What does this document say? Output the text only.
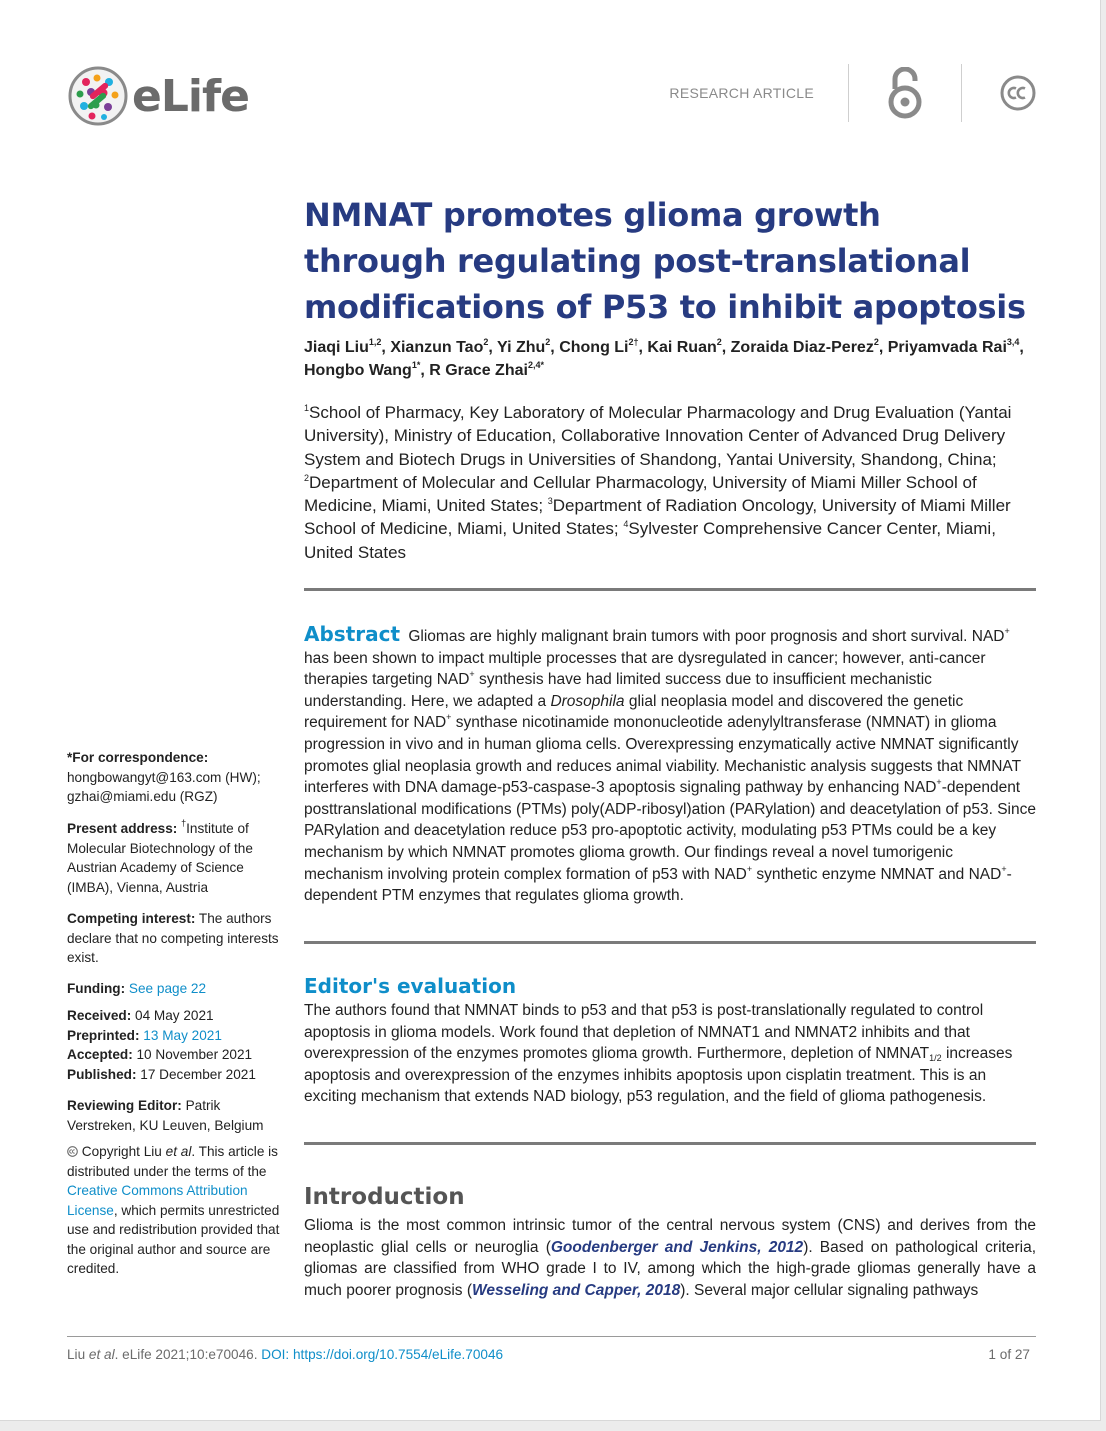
eLife	RESEARCH ARTICLE
NMNAT promotes glioma growth
through regulating post-translational
modifications of P53 to inhibit apoptosis
Jiaqi Liu$^{1,2}$, Xianzun Tao$^2$, Yi Zhu$^2$, Chong $Li^{2\dagger}$, Kai Ruan$^2$, Zoraida Diaz-Perez$^2$, Priyamvada Rai$^{3,4}$, Hongbo Wang$^{1*}$, R Grace Zhai$^{2,4*}$
$^1$School of Pharmacy, Key Laboratory of Molecular Pharmacology and Drug Evaluation (Yantai University), Ministry of Education, Collaborative Innovation Center of Advanced Drug Delivery System and Biotech Drugs in Universities of Shandong, Yantai University, Shandong, China; $^2$Department of Molecular and Cellular Pharmacology, University of Miami Miller School of Medicine, Miami, United States; $^3$Department of Radiation Oncology, University of Miami Miller School of Medicine, Miami, United States; $^4$Sylvester Comprehensive Cancer Center, Miami, United States
Abstract Gliomas are highly malignant brain tumors with poor prognosis and short survival. NAD+ has been shown to impact multiple processes that are dysregulated in cancer; however, anti-cancer therapies targeting NAD+ synthesis have had limited success due to insufficient mechanistic understanding. Here, we adapted a Drosophila glial neoplasia model and discovered the genetic requirement for NAD+ synthase nicotinamide mononucleotide adenylyltransferase (NMNAT) in glioma progression in vivo and in human glioma cells. Overexpressing enzymatically active NMNAT significantly promotes glial neoplasia growth and reduces animal viability. Mechanistic analysis suggests that NMNAT interferes with DNA damage-p53-caspase-3 apoptosis signaling pathway by enhancing NAD+-dependent posttranslational modifications (PTMs) poly(ADP-ribosyl)ation (PARylation) and deacetylation of p53. Since PARylation and deacetylation reduce p53 pro-apoptotic activity, modulating p53 PTMs could be a key mechanism by which NMNAT promotes glioma growth. Our findings reveal a novel tumorigenic mechanism involving protein complex formation of p53 with NAD+ synthetic enzyme NMNAT and NAD+-dependent PTM enzymes that regulates glioma growth.
Editor's evaluation
The authors found that NMNAT binds to p53 and that p53 is post-translationally regulated to control apoptosis in glioma models. Work found that depletion of NMNAT1 and NMNAT2 inhibits and that overexpression of the enzymes promotes glioma growth. Furthermore, depletion of $NMNAT_{1/2}$ increases apoptosis and overexpression of the enzymes inhibits apoptosis upon cisplatin treatment. This is an exciting mechanism that extends NAD biology, p53 regulation, and the field of glioma pathogenesis.
Introduction
Glioma is the most common intrinsic tumor of the central nervous system (CNS) and derives from the neoplastic glial cells or neuroglia (Goodenberger and Jenkins, 2012). Based on pathological criteria, gliomas are classified from WHO grade I to IV, among which the high-grade gliomas generally have a much poorer prognosis (Wesseling and Capper, 2018). Several major cellular signaling pathways
*For correspondence:
hongbowangyt@163.com (HW);
gzhai@miami.edu (RGZ)
Present address: †Institute of Molecular Biotechnology of the Austrian Academy of Science (IMBA), Vienna, Austria
Competing interest: The authors declare that no competing interests exist.
Funding: See page 22
Received: 04 May 2021
Preprinted: 13 May 2021
Accepted: 10 November 2021
Published: 17 December 2021
Reviewing Editor: Patrik Verstreken, KU Leuven, Belgium
Copyright Liu et al. This article is distributed under the terms of the Creative Commons Attribution License, which permits unrestricted use and redistribution provided that the original author and source are credited.
Liu et al. eLife 2021;10:e70046. DOI: https://doi.org/10.7554/eLife.70046	1 of 27
